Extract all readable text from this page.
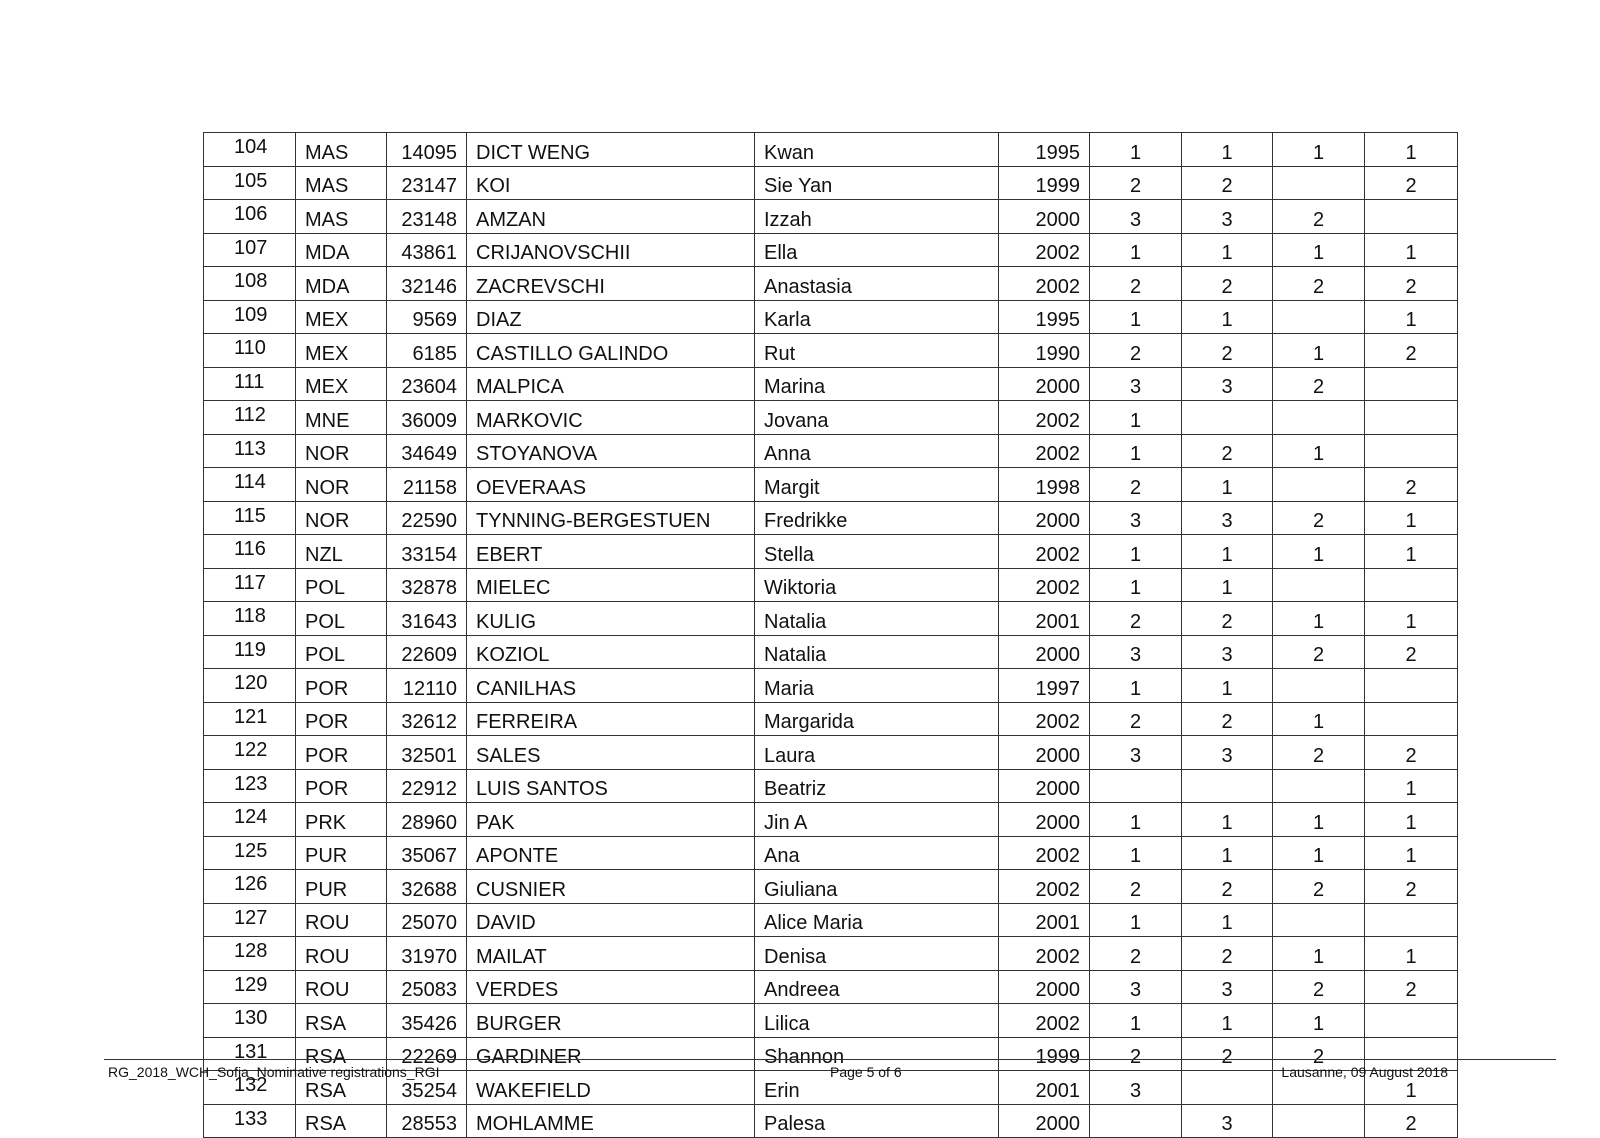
104	MAS	14095	DICT WENG	Kwan	1995	1	1	1	1
105	MAS	23147	KOI	Sie Yan	1999	2	2		2
106	MAS	23148	AMZAN	Izzah	2000	3	3	2	
107	MDA	43861	CRIJANOVSCHII	Ella	2002	1	1	1	1
108	MDA	32146	ZACREVSCHI	Anastasia	2002	2	2	2	2
109	MEX	9569	DIAZ	Karla	1995	1	1		1
110	MEX	6185	CASTILLO GALINDO	Rut	1990	2	2	1	2
111	MEX	23604	MALPICA	Marina	2000	3	3	2	
112	MNE	36009	MARKOVIC	Jovana	2002	1			
113	NOR	34649	STOYANOVA	Anna	2002	1	2	1	
114	NOR	21158	OEVERAAS	Margit	1998	2	1		2
115	NOR	22590	TYNNING-BERGESTUEN	Fredrikke	2000	3	3	2	1
116	NZL	33154	EBERT	Stella	2002	1	1	1	1
117	POL	32878	MIELEC	Wiktoria	2002	1	1		
118	POL	31643	KULIG	Natalia	2001	2	2	1	1
119	POL	22609	KOZIOL	Natalia	2000	3	3	2	2
120	POR	12110	CANILHAS	Maria	1997	1	1		
121	POR	32612	FERREIRA	Margarida	2002	2	2	1	
122	POR	32501	SALES	Laura	2000	3	3	2	2
123	POR	22912	LUIS SANTOS	Beatriz	2000				1
124	PRK	28960	PAK	Jin A	2000	1	1	1	1
125	PUR	35067	APONTE	Ana	2002	1	1	1	1
126	PUR	32688	CUSNIER	Giuliana	2002	2	2	2	2
127	ROU	25070	DAVID	Alice Maria	2001	1	1		
128	ROU	31970	MAILAT	Denisa	2002	2	2	1	1
129	ROU	25083	VERDES	Andreea	2000	3	3	2	2
130	RSA	35426	BURGER	Lilica	2002	1	1	1	
131	RSA	22269	GARDINER	Shannon	1999	2	2	2	
132	RSA	35254	WAKEFIELD	Erin	2001	3			1
133	RSA	28553	MOHLAMME	Palesa	2000		3		2
RG_2018_WCH_Sofia_Nominative registrations_RGI	Page 5 of 6	Lausanne, 09 August 2018
